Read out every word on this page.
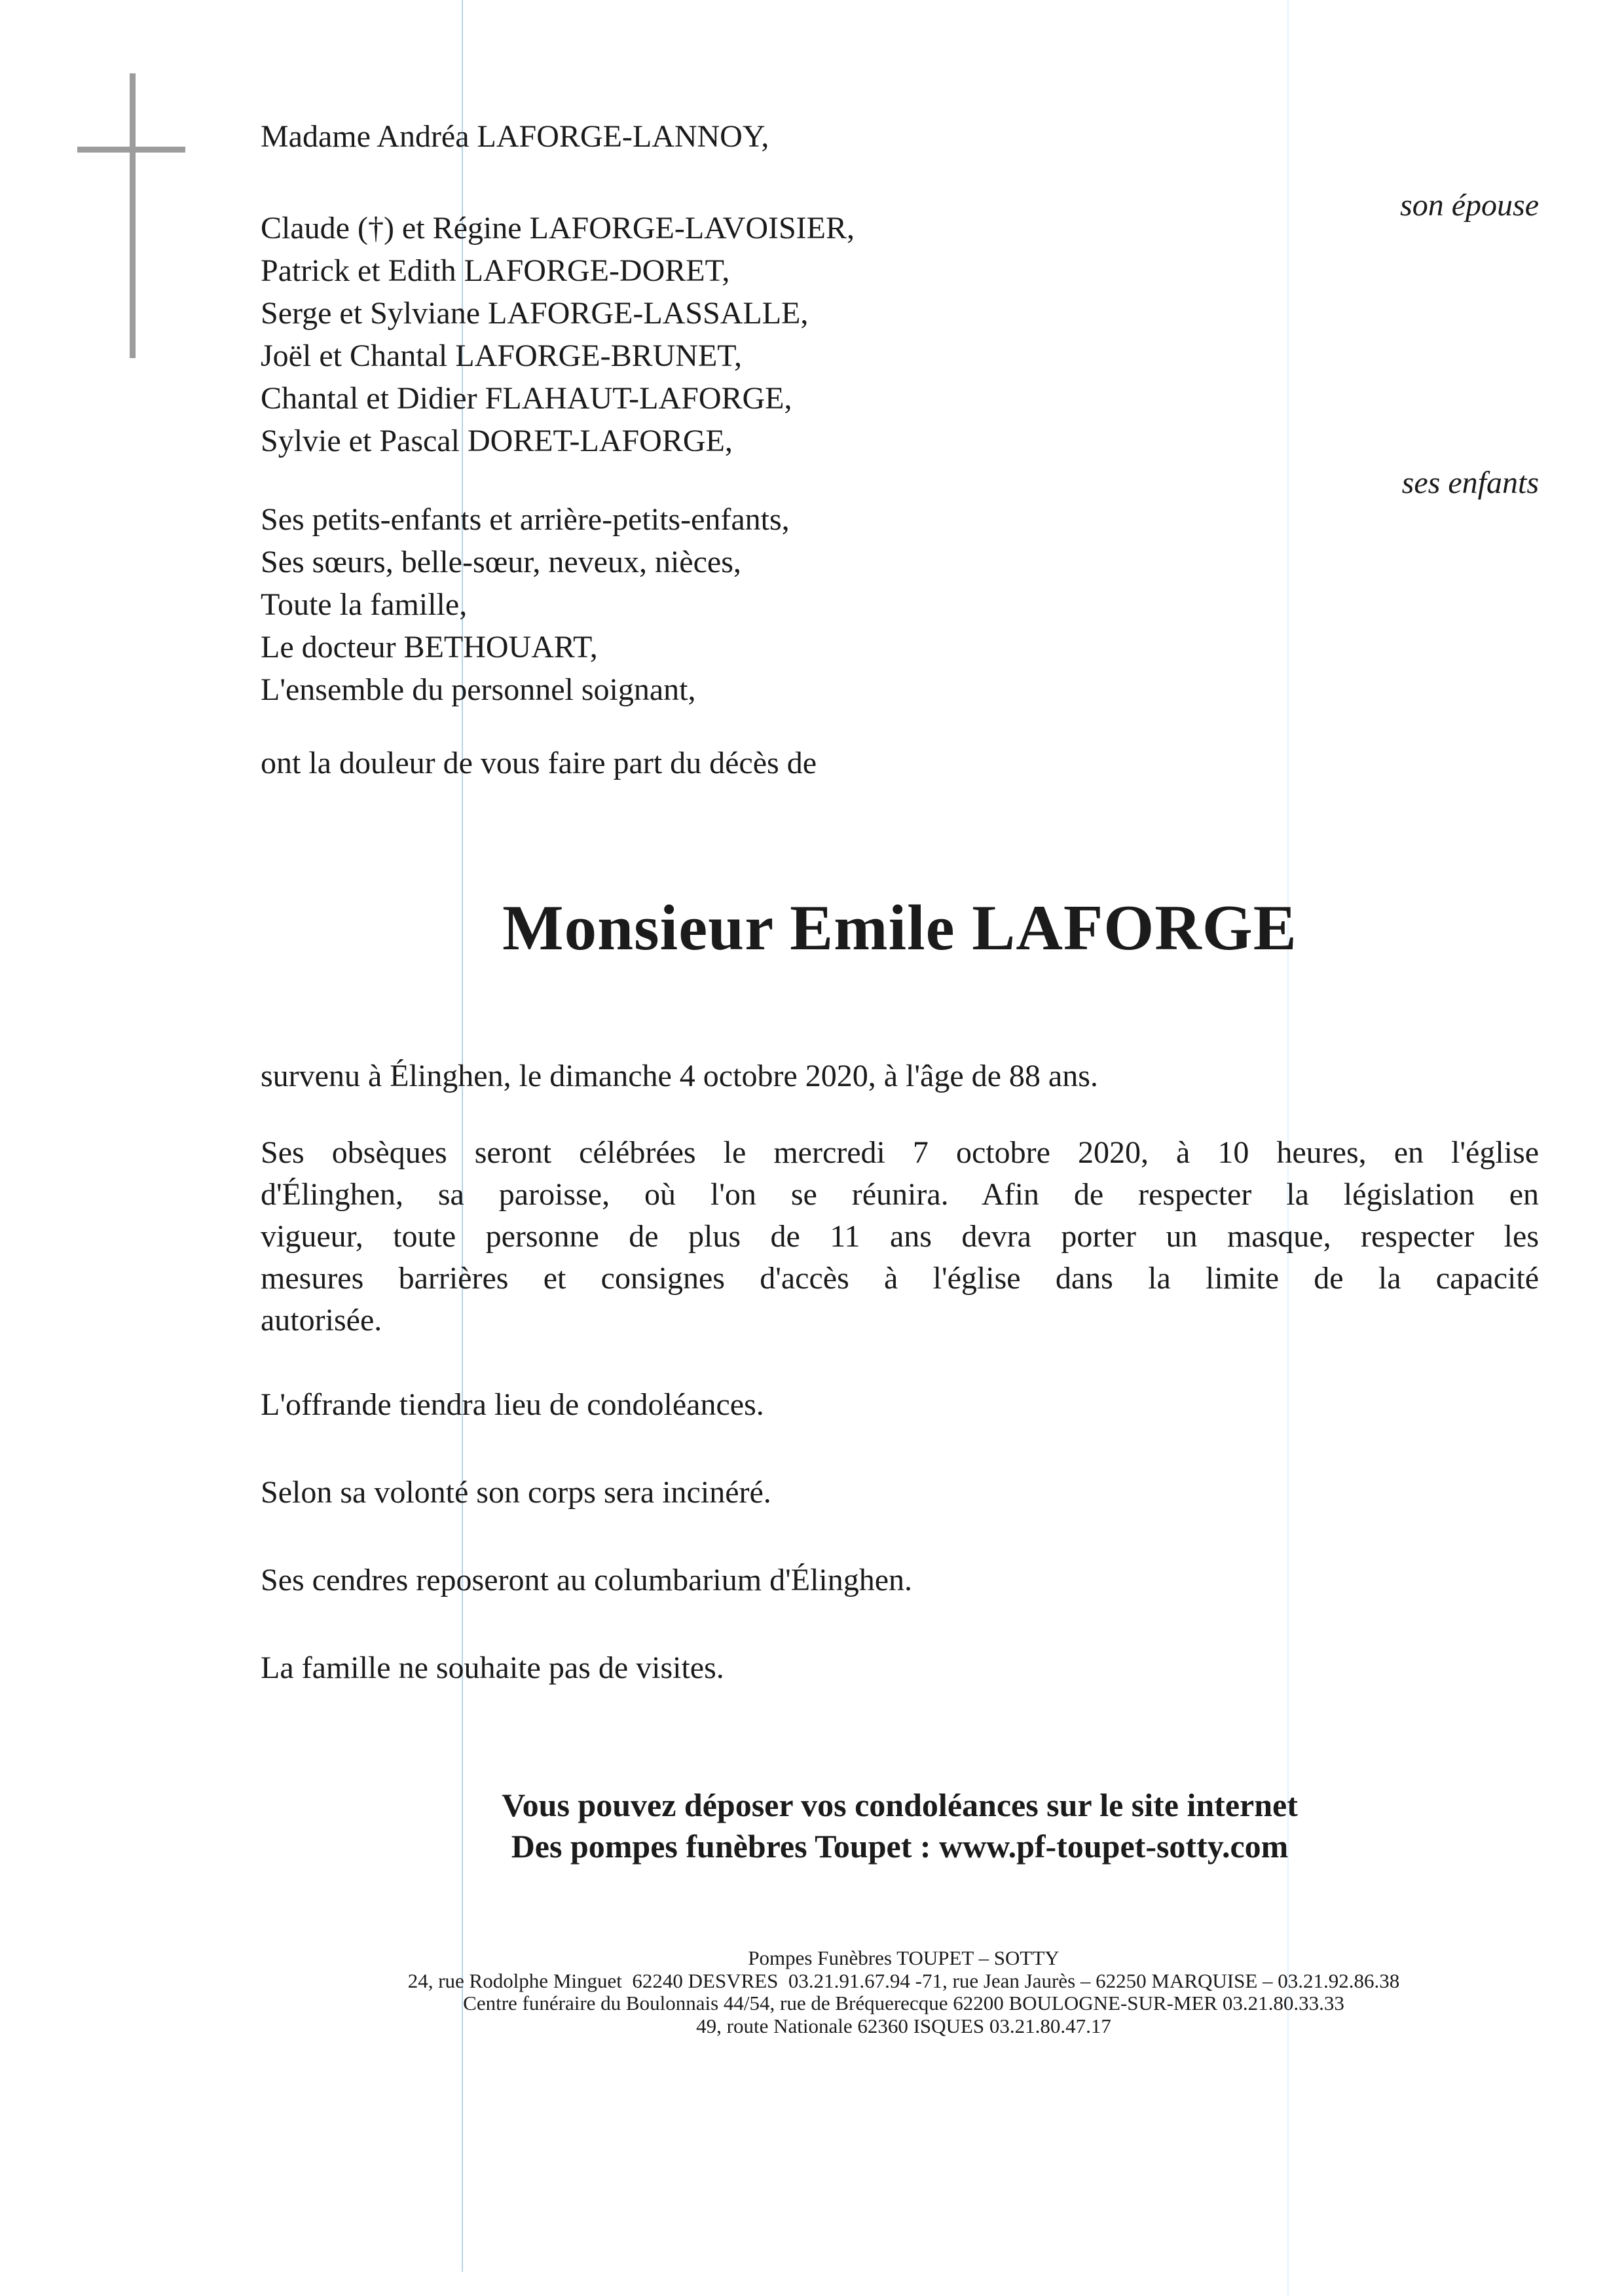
Madame Andréa LAFORGE-LANNOY,
son épouse
Claude (†) et Régine LAFORGE-LAVOISIER,
Patrick et Edith LAFORGE-DORET,
Serge et Sylviane LAFORGE-LASSALLE,
Joël et Chantal LAFORGE-BRUNET,
Chantal et Didier FLAHAUT-LAFORGE,
Sylvie et Pascal DORET-LAFORGE,
ses enfants
Ses petits-enfants et arrière-petits-enfants,
Ses sœurs, belle-sœur, neveux, nièces,
Toute la famille,
Le docteur BETHOUART,
L'ensemble du personnel soignant,
ont la douleur de vous faire part du décès de
Monsieur Emile LAFORGE
survenu à Élinghen, le dimanche 4 octobre 2020, à l'âge de 88 ans.
Ses obsèques seront célébrées le mercredi 7 octobre 2020, à 10 heures, en l'église
d'Élinghen, sa paroisse, où l'on se réunira. Afin de respecter la législation en
vigueur, toute personne de plus de 11 ans devra porter un masque, respecter les
mesures barrières et consignes d'accès à l'église dans la limite de la capacité
autorisée.
L'offrande tiendra lieu de condoléances.
Selon sa volonté son corps sera incinéré.
Ses cendres reposeront au columbarium d'Élinghen.
La famille ne souhaite pas de visites.
Vous pouvez déposer vos condoléances sur le site internet
Des pompes funèbres Toupet : www.pf-toupet-sotty.com
Pompes Funèbres TOUPET – SOTTY
24, rue Rodolphe Minguet  62240 DESVRES  03.21.91.67.94 -71, rue Jean Jaurès – 62250 MARQUISE – 03.21.92.86.38
Centre funéraire du Boulonnais 44/54, rue de Bréquerecque 62200 BOULOGNE-SUR-MER 03.21.80.33.33
49, route Nationale 62360 ISQUES 03.21.80.47.17
